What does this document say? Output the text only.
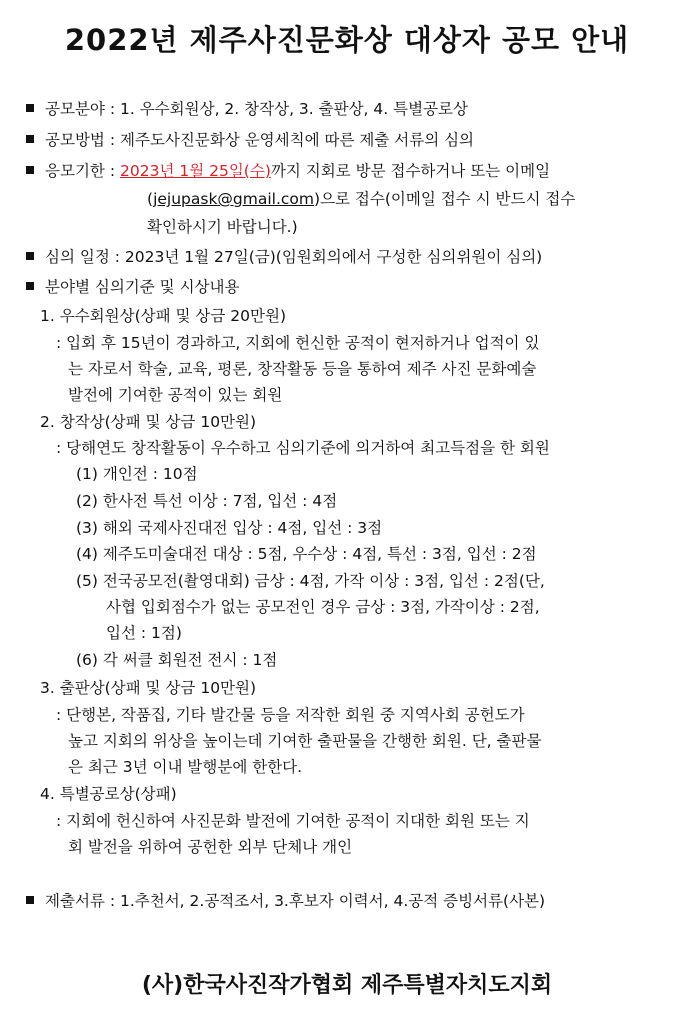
2022년 제주사진문화상 대상자 공모 안내
공모분야 : 1. 우수회원상, 2. 창작상, 3. 출판상, 4. 특별공로상
공모방법 : 제주도사진문화상 운영세칙에 따른 제출 서류의 심의
응모기한 : 2023년 1월 25일(수)까지 지회로 방문 접수하거나 또는 이메일
(jejupask@gmail.com)으로 접수(이메일 접수 시 반드시 접수
확인하시기 바랍니다.)
심의 일정 : 2023년 1월 27일(금)(임원회의에서 구성한 심의위원이 심의)
분야별 심의기준 및 시상내용
1. 우수회원상(상패 및 상금 20만원)
: 입회 후 15년이 경과하고, 지회에 헌신한 공적이 현저하거나 업적이 있
는 자로서 학술, 교육, 평론, 창작활동 등을 통하여 제주 사진 문화예술
발전에 기여한 공적이 있는 회원
2. 창작상(상패 및 상금 10만원)
: 당해연도 창작활동이 우수하고 심의기준에 의거하여 최고득점을 한 회원
(1) 개인전 : 10점
(2) 한사전 특선 이상 : 7점, 입선 : 4점
(3) 해외 국제사진대전 입상 : 4점, 입선 : 3점
(4) 제주도미술대전 대상 : 5점, 우수상 : 4점, 특선 : 3점, 입선 : 2점
(5) 전국공모전(촬영대회) 금상 : 4점, 가작 이상 : 3점, 입선 : 2점(단,
사협 입회점수가 없는 공모전인 경우 금상 : 3점, 가작이상 : 2점,
입선 : 1점)
(6) 각 써클 회원전 전시 : 1점
3. 출판상(상패 및 상금 10만원)
: 단행본, 작품집, 기타 발간물 등을 저작한 회원 중 지역사회 공헌도가
높고 지회의 위상을 높이는데 기여한 출판물을 간행한 회원. 단, 출판물
은 최근 3년 이내 발행분에 한한다.
4. 특별공로상(상패)
: 지회에 헌신하여 사진문화 발전에 기여한 공적이 지대한 회원 또는 지
회 발전을 위하여 공헌한 외부 단체나 개인
제출서류 : 1.추천서, 2.공적조서, 3.후보자 이력서, 4.공적 증빙서류(사본)
(사)한국사진작가협회 제주특별자치도지회
